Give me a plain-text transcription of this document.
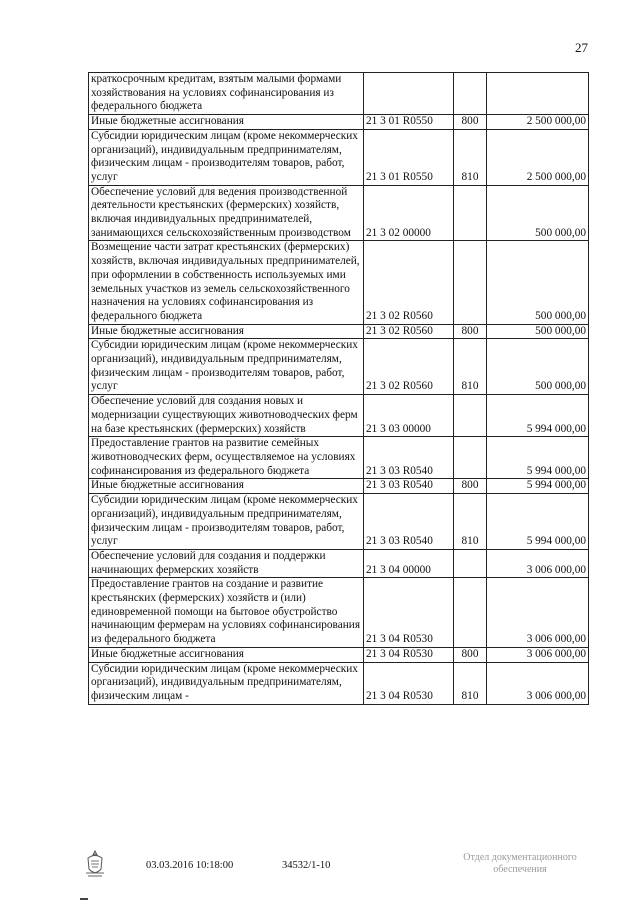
27
краткосрочным кредитам, взятым малыми формами хозяйствования на условиях софинансирования из федерального бюджета			
Иные бюджетные ассигнования	21 3 01 R0550	800	2 500 000,00
Субсидии юридическим лицам (кроме некоммерческих организаций), индивидуальным предпринимателям, физическим лицам - производителям товаров, работ, услуг	21 3 01 R0550	810	2 500 000,00
Обеспечение условий для ведения производственной деятельности крестьянских (фермерских) хозяйств, включая индивидуальных предпринимателей, занимающихся сельскохозяйственным производством	21 3 02 00000		500 000,00
Возмещение части затрат крестьянских (фермерских) хозяйств, включая индивидуальных предпринимателей, при оформлении в собственность используемых ими земельных участков из земель сельскохозяйственного назначения на условиях софинансирования из федерального бюджета	21 3 02 R0560		500 000,00
Иные бюджетные ассигнования	21 3 02 R0560	800	500 000,00
Субсидии юридическим лицам (кроме некоммерческих организаций), индивидуальным предпринимателям, физическим лицам - производителям товаров, работ, услуг	21 3 02 R0560	810	500 000,00
Обеспечение условий для создания новых и модернизации существующих животноводческих ферм на базе крестьянских (фермерских) хозяйств	21 3 03 00000		5 994 000,00
Предоставление грантов на развитие семейных животноводческих ферм, осуществляемое на условиях софинансирования из федерального бюджета	21 3 03 R0540		5 994 000,00
Иные бюджетные ассигнования	21 3 03 R0540	800	5 994 000,00
Субсидии юридическим лицам (кроме некоммерческих организаций), индивидуальным предпринимателям, физическим лицам - производителям товаров, работ, услуг	21 3 03 R0540	810	5 994 000,00
Обеспечение условий для создания и поддержки начинающих фермерских хозяйств	21 3 04 00000		3 006 000,00
Предоставление грантов на создание и развитие крестьянских (фермерских) хозяйств и (или) единовременной помощи на бытовое обустройство начинающим фермерам на условиях софинансирования из федерального бюджета	21 3 04 R0530		3 006 000,00
Иные бюджетные ассигнования	21 3 04 R0530	800	3 006 000,00
Субсидии юридическим лицам (кроме некоммерческих организаций), индивидуальным предпринимателям, физическим лицам -	21 3 04 R0530	810	3 006 000,00
03.03.2016 10:18:00	34532/1-10
Отдел документационного
обеспечения
